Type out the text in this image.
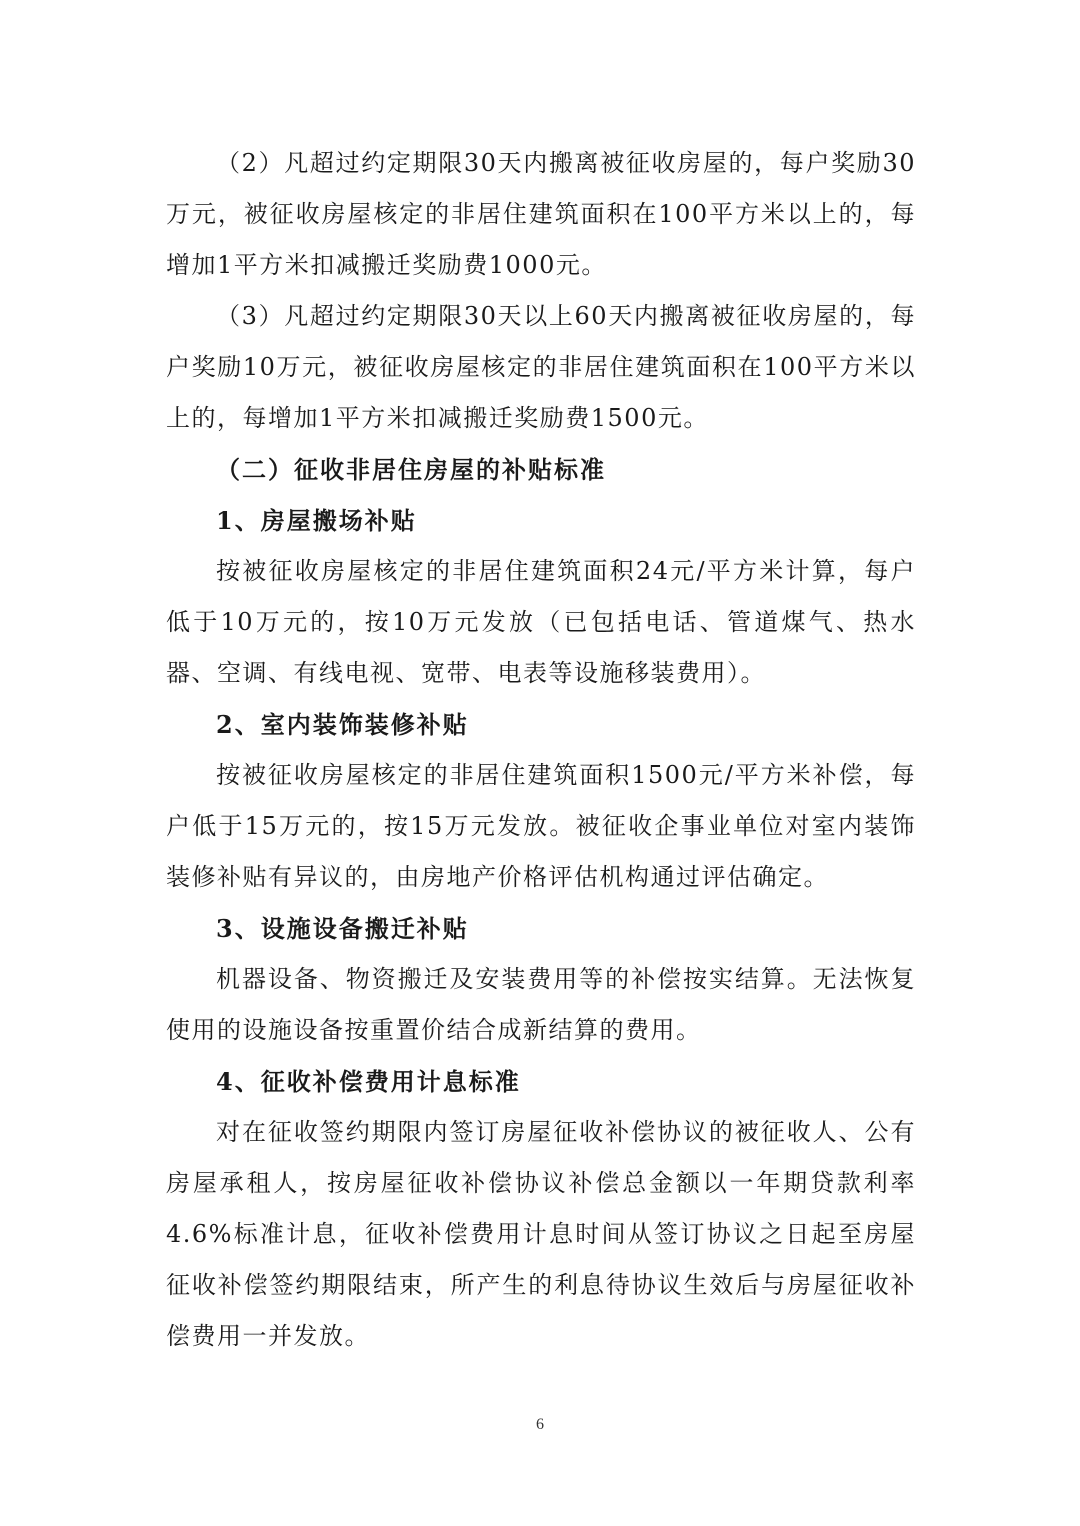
（2）凡超过约定期限30天内搬离被征收房屋的，每户奖励30万元，被征收房屋核定的非居住建筑面积在100平方米以上的，每增加1平方米扣减搬迁奖励费1000元。

（3）凡超过约定期限30天以上60天内搬离被征收房屋的，每户奖励10万元，被征收房屋核定的非居住建筑面积在100平方米以上的，每增加1平方米扣减搬迁奖励费1500元。

（二）征收非居住房屋的补贴标准

1、房屋搬场补贴

按被征收房屋核定的非居住建筑面积24元/平方米计算，每户低于10万元的，按10万元发放（已包括电话、管道煤气、热水器、空调、有线电视、宽带、电表等设施移装费用）。

2、室内装饰装修补贴

按被征收房屋核定的非居住建筑面积1500元/平方米补偿，每户低于15万元的，按15万元发放。被征收企事业单位对室内装饰装修补贴有异议的，由房地产价格评估机构通过评估确定。

3、设施设备搬迁补贴

机器设备、物资搬迁及安装费用等的补偿按实结算。无法恢复使用的设施设备按重置价结合成新结算的费用。

4、征收补偿费用计息标准

对在征收签约期限内签订房屋征收补偿协议的被征收人、公有房屋承租人，按房屋征收补偿协议补偿总金额以一年期贷款利率4.6%标准计息，征收补偿费用计息时间从签订协议之日起至房屋征收补偿签约期限结束，所产生的利息待协议生效后与房屋征收补偿费用一并发放。

6
